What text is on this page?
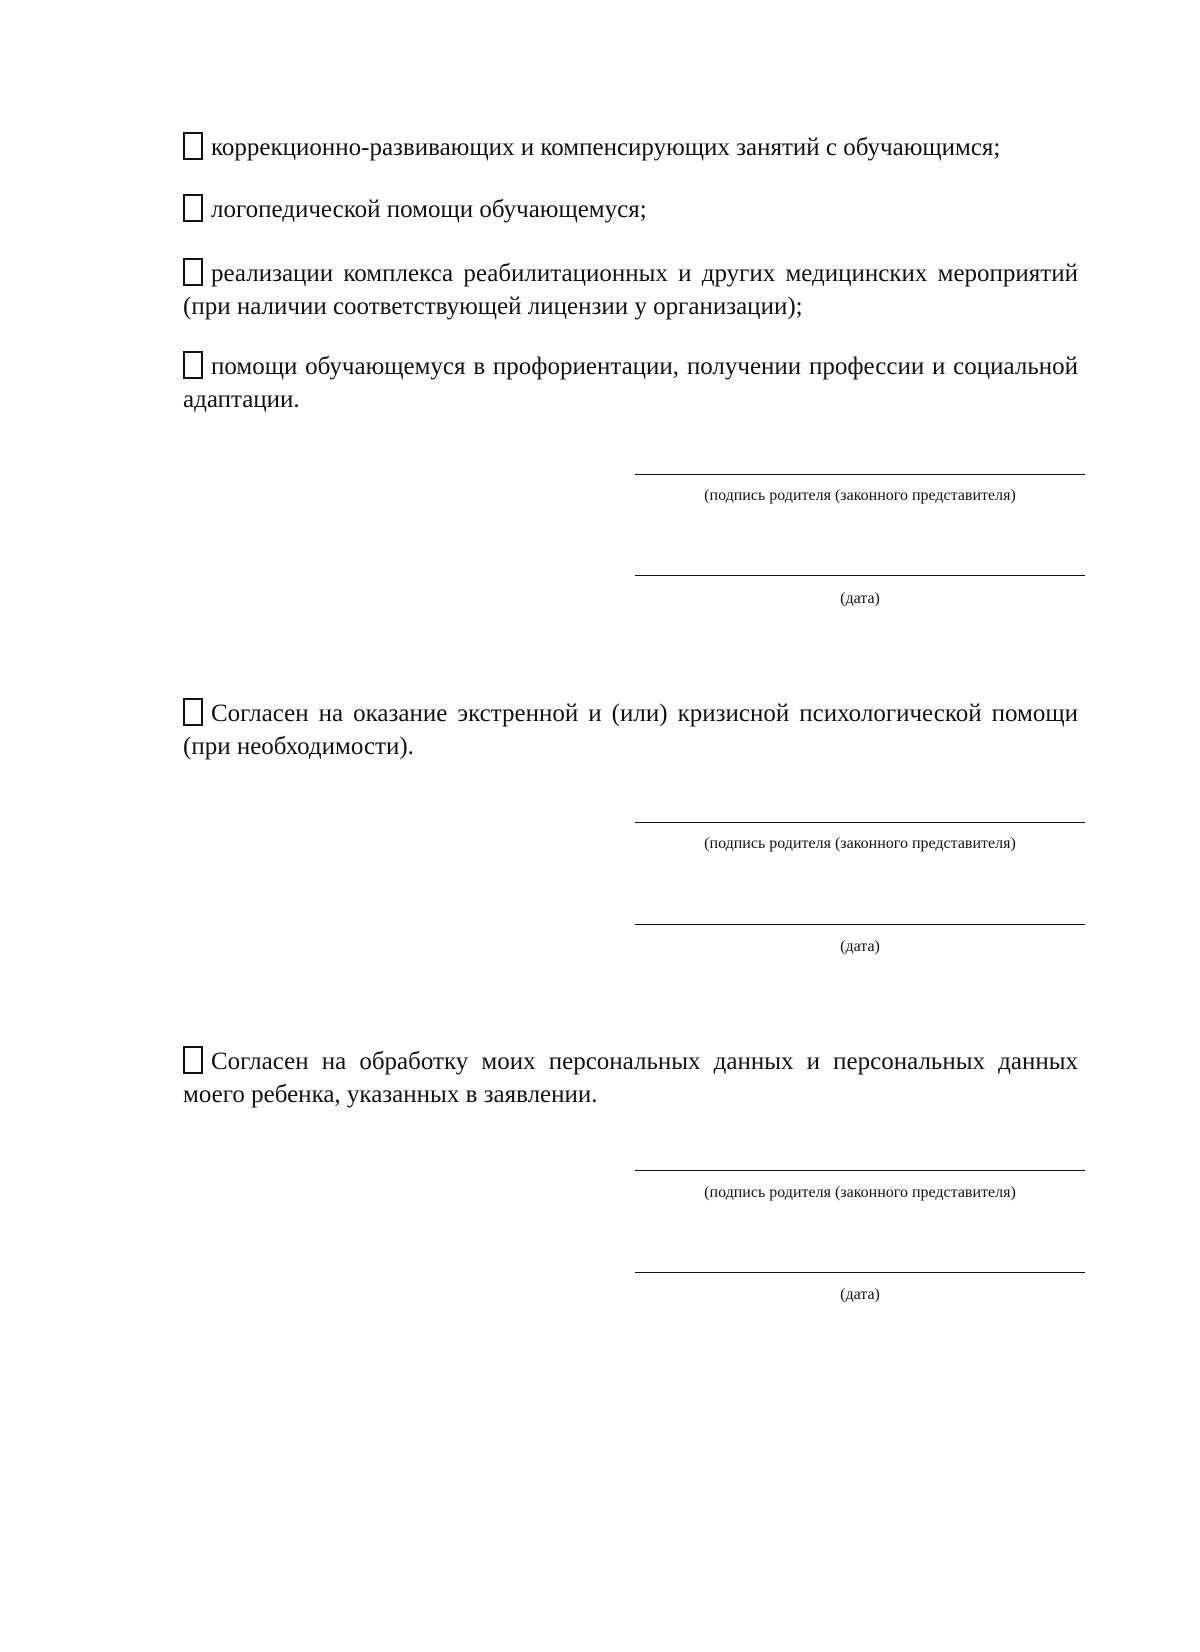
коррекционно-развивающих и компенсирующих занятий с обучающимся;
логопедической помощи обучающемуся;
реализации комплекса реабилитационных и других медицинских мероприятий (при наличии соответствующей лицензии у организации);
помощи обучающемуся в профориентации, получении профессии и социальной адаптации.
(подпись родителя (законного представителя)
(дата)
Согласен на оказание экстренной и (или) кризисной психологической помощи (при необходимости).
(подпись родителя (законного представителя)
(дата)
Согласен на обработку моих персональных данных и персональных данных моего ребенка, указанных в заявлении.
(подпись родителя (законного представителя)
(дата)
